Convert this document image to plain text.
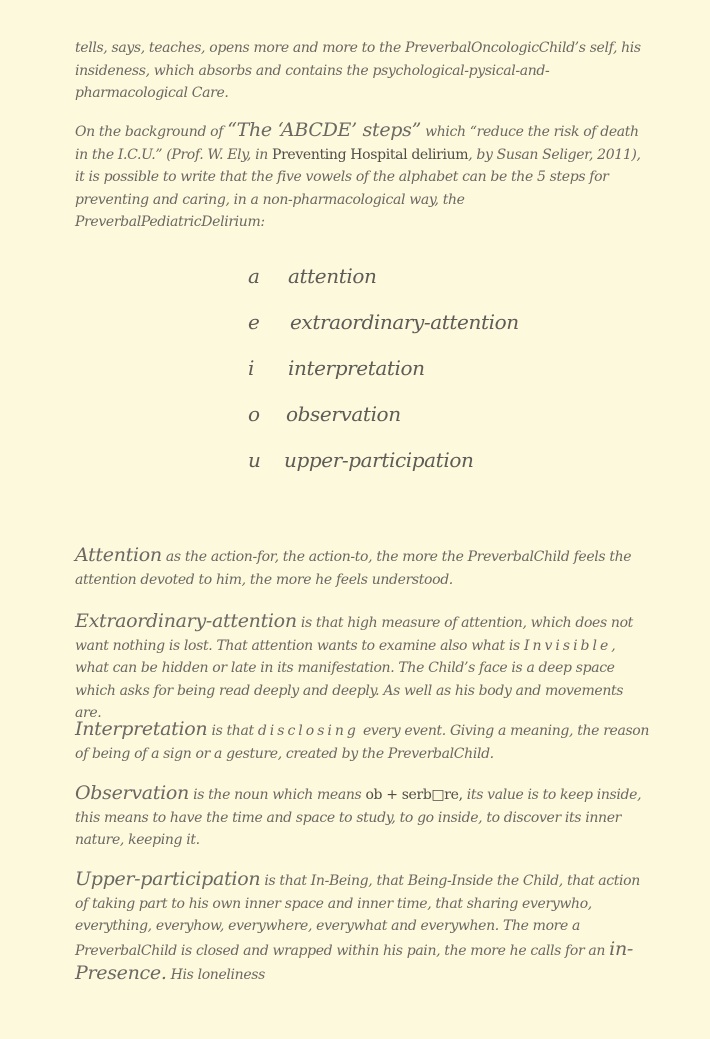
tells, says, teaches, opens more and more to the PreverbalOncologicChild’s self, his insideness, which absorbs and contains the psychological-pysical-and-pharmacological Care.

On the background of “The ‘ABCDE’ steps” which “reduce the risk of death in the I.C.U.” (Prof. W. Ely, in Preventing Hospital delirium, by Susan Seliger, 2011), it is possible to write that the five vowels of the alphabet can be the 5 steps for preventing and caring, in a non-pharmacological way, the PreverbalPediatricDelirium:

a attention
e extraordinary-attention
i interpretation
o observation
u upper-participation

Attention as the action-for, the action-to, the more the PreverbalChild feels the attention devoted to him, the more he feels understood.

Extraordinary-attention is that high measure of attention, which does not want nothing is lost. That attention wants to examine also what is Invisible, what can be hidden or late in its manifestation. The Child’s face is a deep space which asks for being read deeply and deeply. As well as his body and movements are.

Interpretation is that disclosing every event. Giving a meaning, the reason of being of a sign or a gesture, created by the PreverbalChild.

Observation is the noun which means ob + serb□re, its value is to keep inside, this means to have the time and space to study, to go inside, to discover its inner nature, keeping it.

Upper-participation is that In-Being, that Being-Inside the Child, that action of taking part to his own inner space and inner time, that sharing everywho, everything, everyhow, everywhere, everywhat and everywhen. The more a PreverbalChild is closed and wrapped within his pain, the more he calls for an in-Presence. His loneliness
